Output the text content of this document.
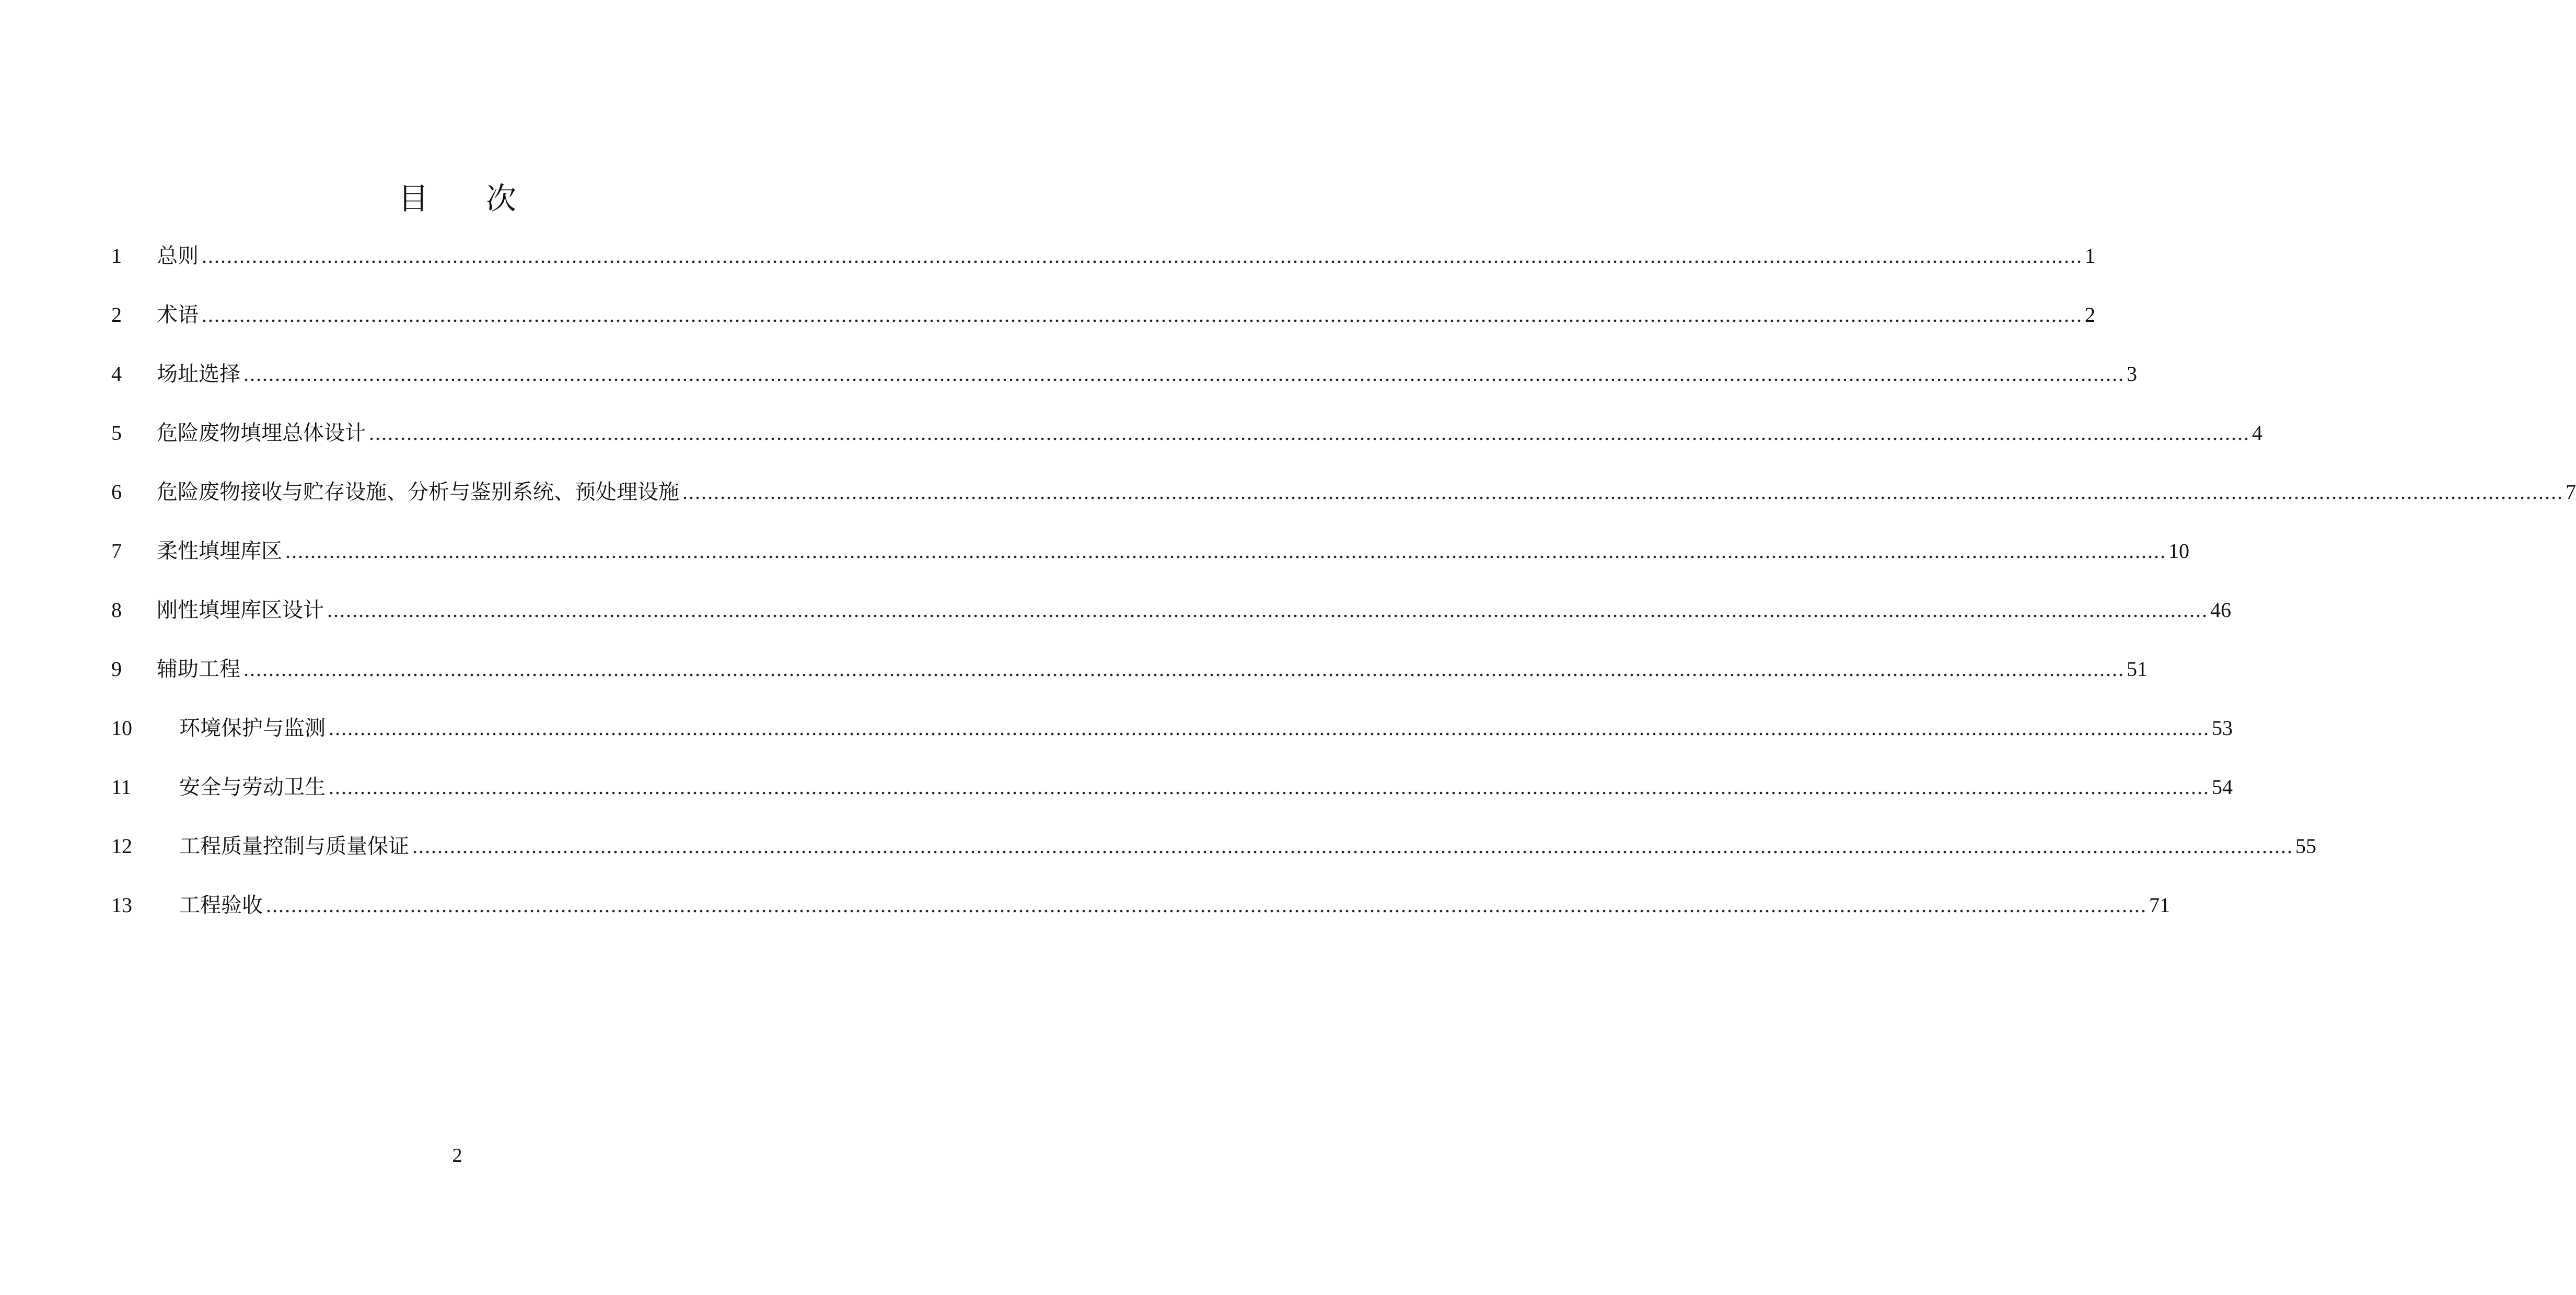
目 次
1	总则 ............................................................................................................................................................................................................................................................................................................ 1
2	术语 ............................................................................................................................................................................................................................................................................................................ 2
4	场址选择 ............................................................................................................................................................................................................................................................................................................ 3
5	危险废物填埋总体设计 ............................................................................................................................................................................................................................................................................................................ 4
6	危险废物接收与贮存设施、分析与鉴别系统、预处理设施 ............................................................................................................................................................................................................................................................................................................ 7
7	柔性填埋库区 ............................................................................................................................................................................................................................................................................................................ 10
8	刚性填埋库区设计 ............................................................................................................................................................................................................................................................................................................ 46
9	辅助工程 ............................................................................................................................................................................................................................................................................................................ 51
10	环境保护与监测 ............................................................................................................................................................................................................................................................................................................ 53
11	安全与劳动卫生 ............................................................................................................................................................................................................................................................................................................ 54
12	工程质量控制与质量保证 ............................................................................................................................................................................................................................................................................................................ 55
13	工程验收 ............................................................................................................................................................................................................................................................................................................ 71
2
